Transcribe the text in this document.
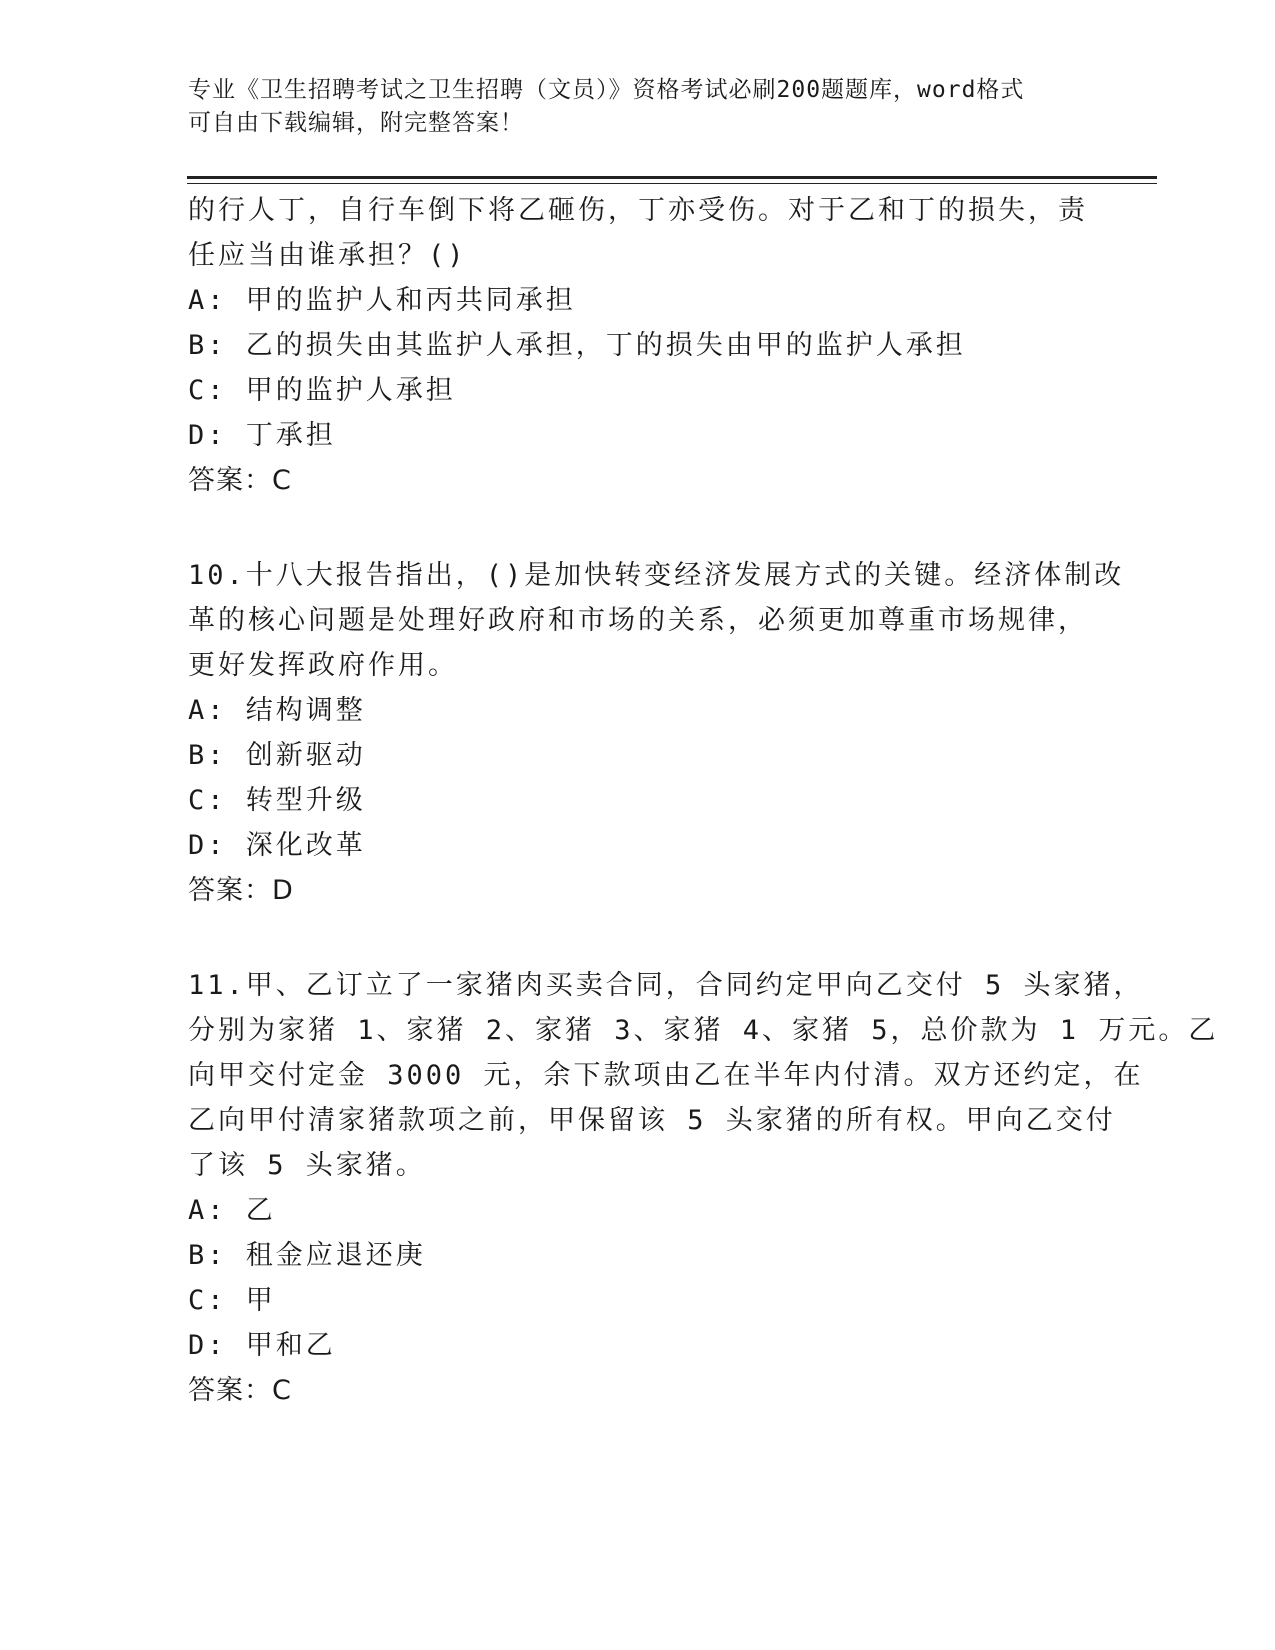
专业《卫生招聘考试之卫生招聘（文员）》资格考试必刷200题题库，word格式
可自由下载编辑，附完整答案！
的行人丁，自行车倒下将乙砸伤，丁亦受伤。对于乙和丁的损失，责
任应当由谁承担？()
A: 甲的监护人和丙共同承担
B: 乙的损失由其监护人承担，丁的损失由甲的监护人承担
C: 甲的监护人承担
D: 丁承担
答案：C
10.十八大报告指出，()是加快转变经济发展方式的关键。经济体制改
革的核心问题是处理好政府和市场的关系，必须更加尊重市场规律，
更好发挥政府作用。
A: 结构调整
B: 创新驱动
C: 转型升级
D: 深化改革
答案：D
11.甲、乙订立了一家猪肉买卖合同，合同约定甲向乙交付 5 头家猪，
分别为家猪 1、家猪 2、家猪 3、家猪 4、家猪 5，总价款为 1 万元。乙
向甲交付定金 3000 元，余下款项由乙在半年内付清。双方还约定，在
乙向甲付清家猪款项之前，甲保留该 5 头家猪的所有权。甲向乙交付
了该 5 头家猪。
A: 乙
B: 租金应退还庚
C: 甲
D: 甲和乙
答案：C
